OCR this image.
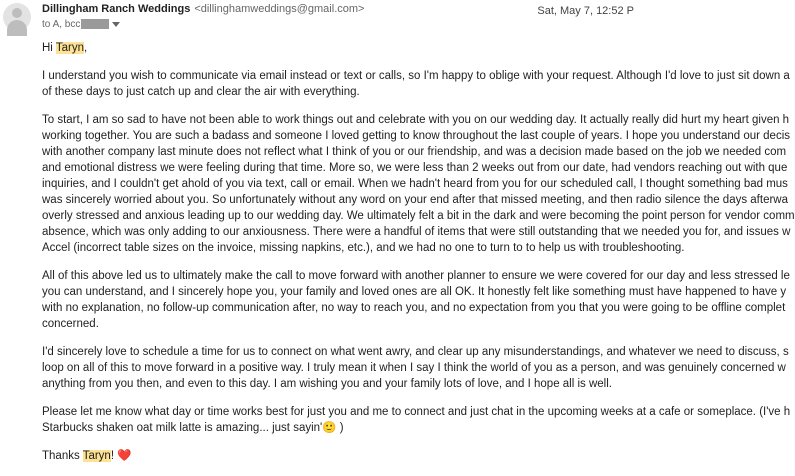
Dillingham Ranch Weddings <dillinghamweddings@gmail.com>	Sat, May 7, 12:52 P
to A, bcc

Hi Taryn,

I understand you wish to communicate via email instead or text or calls, so I'm happy to oblige with your request. Although I'd love to just sit down a
of these days to just catch up and clear the air with everything.

To start, I am so sad to have not been able to work things out and celebrate with you on our wedding day. It actually really did hurt my heart given h
working together. You are such a badass and someone I loved getting to know throughout the last couple of years. I hope you understand our decis
with another company last minute does not reflect what I think of you or our friendship, and was a decision made based on the job we needed com
and emotional distress we were feeling during that time. More so, we were less than 2 weeks out from our date, had vendors reaching out with que
inquiries, and I couldn't get ahold of you via text, call or email. When we hadn't heard from you for our scheduled call, I thought something bad mus
was sincerely worried about you. So unfortunately without any word on your end after that missed meeting, and then radio silence the days afterwa
overly stressed and anxious leading up to our wedding day. We ultimately felt a bit in the dark and were becoming the point person for vendor comm
absence, which was only adding to our anxiousness. There were a handful of items that were still outstanding that we needed you for, and issues w
Accel (incorrect table sizes on the invoice, missing napkins, etc.), and we had no one to turn to to help us with troubleshooting.

All of this above led us to ultimately make the call to move forward with another planner to ensure we were covered for our day and less stressed le
you can understand, and I sincerely hope you, your family and loved ones are all OK. It honestly felt like something must have happened to have y
with no explanation, no follow-up communication after, no way to reach you, and no expectation from you that you were going to be offline complet
concerned.

I'd sincerely love to schedule a time for us to connect on what went awry, and clear up any misunderstandings, and whatever we need to discuss, s
loop on all of this to move forward in a positive way. I truly mean it when I say I think the world of you as a person, and was genuinely concerned w
anything from you then, and even to this day. I am wishing you and your family lots of love, and I hope all is well.

Please let me know what day or time works best for just you and me to connect and just chat in the upcoming weeks at a cafe or someplace. (I've h
Starbucks shaken oat milk latte is amazing... just sayin'🙂 )

Thanks Taryn! ❤️
